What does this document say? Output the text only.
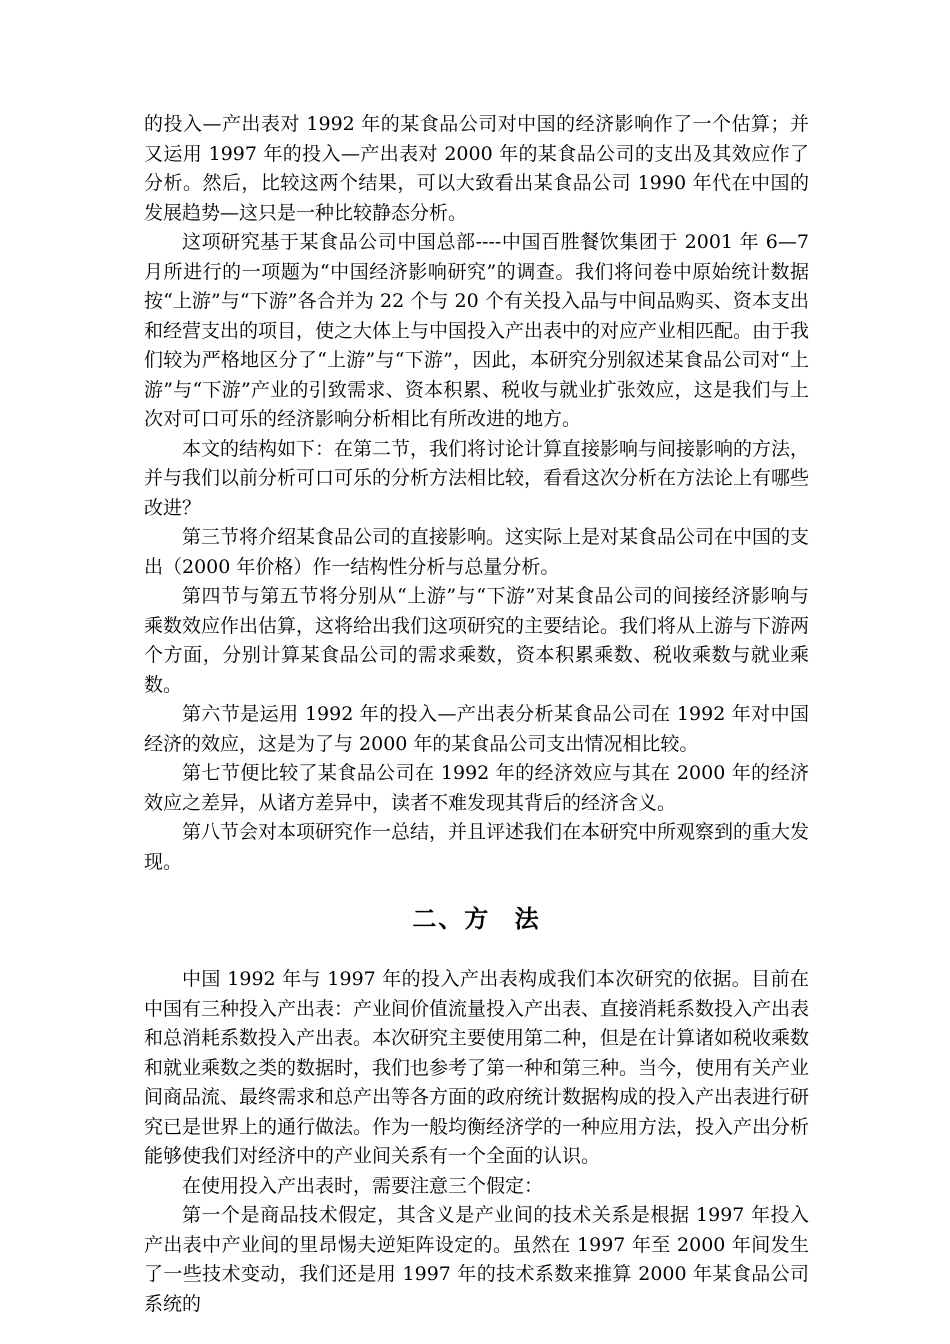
的投入—产出表对 1992 年的某食品公司对中国的经济影响作了一个估算；并又运用 1997 年的投入—产出表对 2000 年的某食品公司的支出及其效应作了分析。然后，比较这两个结果，可以大致看出某食品公司 1990 年代在中国的发展趋势—这只是一种比较静态分析。

这项研究基于某食品公司中国总部----中国百胜餐饮集团于 2001 年 6—7 月所进行的一项题为“中国经济影响研究”的调查。我们将问卷中原始统计数据按“上游”与“下游”各合并为 22 个与 20 个有关投入品与中间品购买、资本支出和经营支出的项目，使之大体上与中国投入产出表中的对应产业相匹配。由于我们较为严格地区分了“上游”与“下游”，因此，本研究分别叙述某食品公司对“上游”与“下游”产业的引致需求、资本积累、税收与就业扩张效应，这是我们与上次对可口可乐的经济影响分析相比有所改进的地方。

本文的结构如下：在第二节，我们将讨论计算直接影响与间接影响的方法，并与我们以前分析可口可乐的分析方法相比较，看看这次分析在方法论上有哪些改进？

第三节将介绍某食品公司的直接影响。这实际上是对某食品公司在中国的支出（2000 年价格）作一结构性分析与总量分析。

第四节与第五节将分别从“上游”与“下游”对某食品公司的间接经济影响与乘数效应作出估算，这将给出我们这项研究的主要结论。我们将从上游与下游两个方面，分别计算某食品公司的需求乘数，资本积累乘数、税收乘数与就业乘数。

第六节是运用 1992 年的投入—产出表分析某食品公司在 1992 年对中国经济的效应，这是为了与 2000 年的某食品公司支出情况相比较。

第七节便比较了某食品公司在 1992 年的经济效应与其在 2000 年的经济效应之差异，从诸方差异中，读者不难发现其背后的经济含义。

第八节会对本项研究作一总结，并且评述我们在本研究中所观察到的重大发现。

二、方 法

中国 1992 年与 1997 年的投入产出表构成我们本次研究的依据。目前在中国有三种投入产出表：产业间价值流量投入产出表、直接消耗系数投入产出表和总消耗系数投入产出表。本次研究主要使用第二种，但是在计算诸如税收乘数和就业乘数之类的数据时，我们也参考了第一种和第三种。当今，使用有关产业间商品流、最终需求和总产出等各方面的政府统计数据构成的投入产出表进行研究已是世界上的通行做法。作为一般均衡经济学的一种应用方法，投入产出分析能够使我们对经济中的产业间关系有一个全面的认识。

在使用投入产出表时，需要注意三个假定：

第一个是商品技术假定，其含义是产业间的技术关系是根据 1997 年投入产出表中产业间的里昂惕夫逆矩阵设定的。虽然在 1997 年至 2000 年间发生了一些技术变动，我们还是用 1997 年的技术系数来推算 2000 年某食品公司系统的
